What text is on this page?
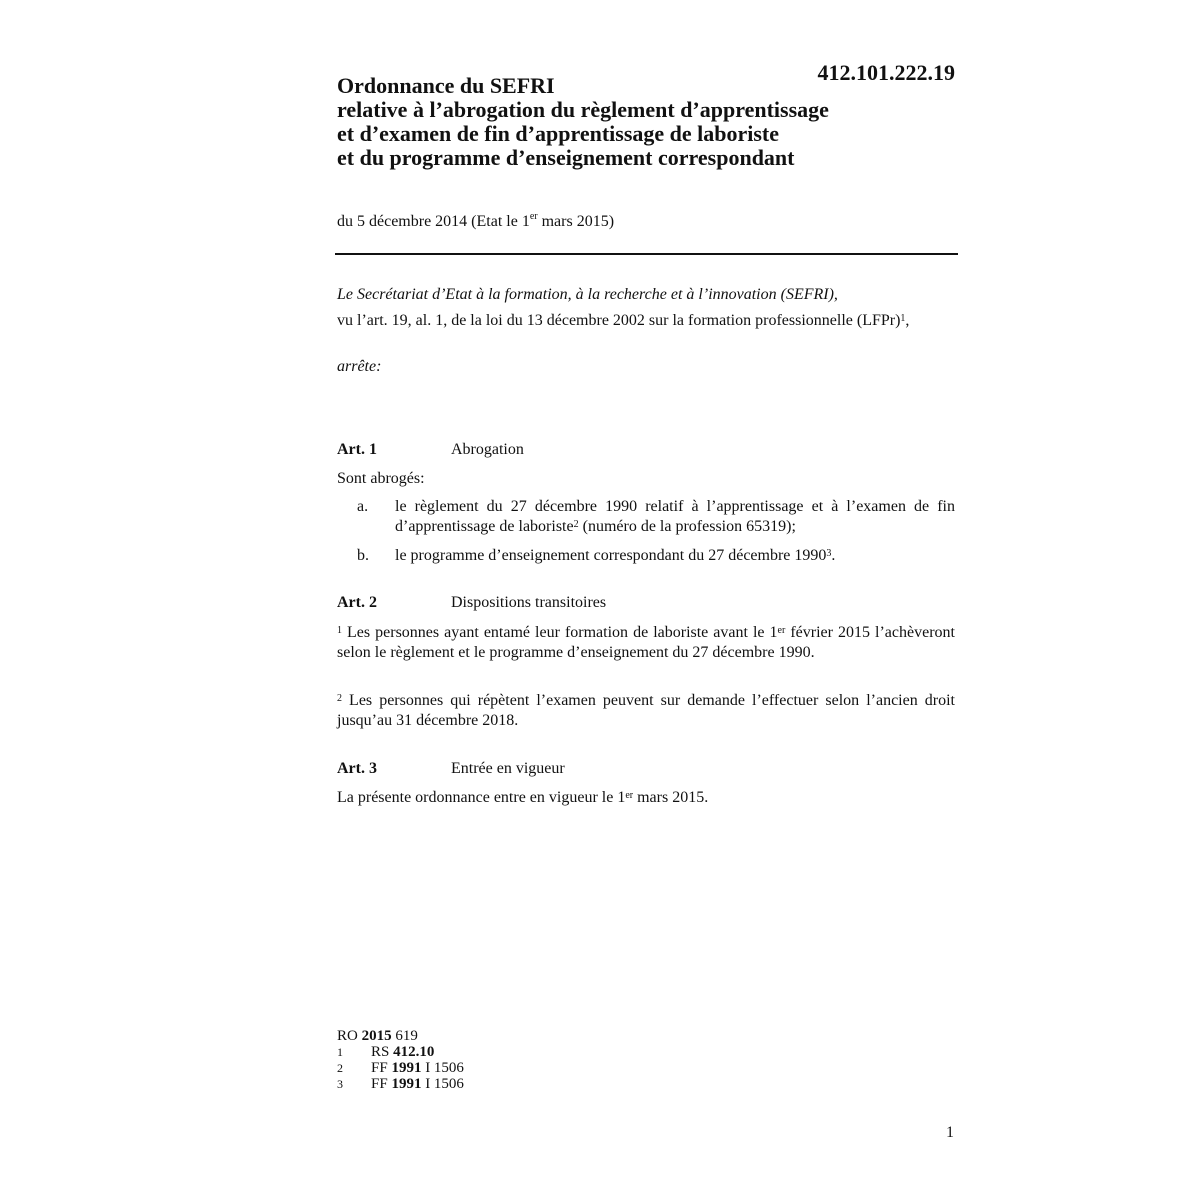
412.101.222.19
Ordonnance du SEFRI
relative à l’abrogation du règlement d’apprentissage
et d’examen de fin d’apprentissage de laboriste
et du programme d’enseignement correspondant
du 5 décembre 2014 (Etat le 1er mars 2015)
Le Secrétariat d’Etat à la formation, à la recherche et à l’innovation (SEFRI),
vu l’art. 19, al. 1, de la loi du 13 décembre 2002 sur la formation professionnelle (LFPr)$^1$,
arrête:
Art. 1	Abrogation
Sont abrogés:
a. le règlement du 27 décembre 1990 relatif à l’apprentissage et à l’examen de fin d’apprentissage de laboriste$^2$ (numéro de la profession 65319);
b. le programme d’enseignement correspondant du 27 décembre 1990$^3$.
Art. 2	Dispositions transitoires
$^1$ Les personnes ayant entamé leur formation de laboriste avant le 1er février 2015 l’achèveront selon le règlement et le programme d’enseignement du 27 décembre 1990.
$^2$ Les personnes qui répètent l’examen peuvent sur demande l’effectuer selon l’ancien droit jusqu’au 31 décembre 2018.
Art. 3	Entrée en vigueur
La présente ordonnance entre en vigueur le 1er mars 2015.
RO 2015 619
1 RS 412.10
2 FF 1991 I 1506
3 FF 1991 I 1506
1
